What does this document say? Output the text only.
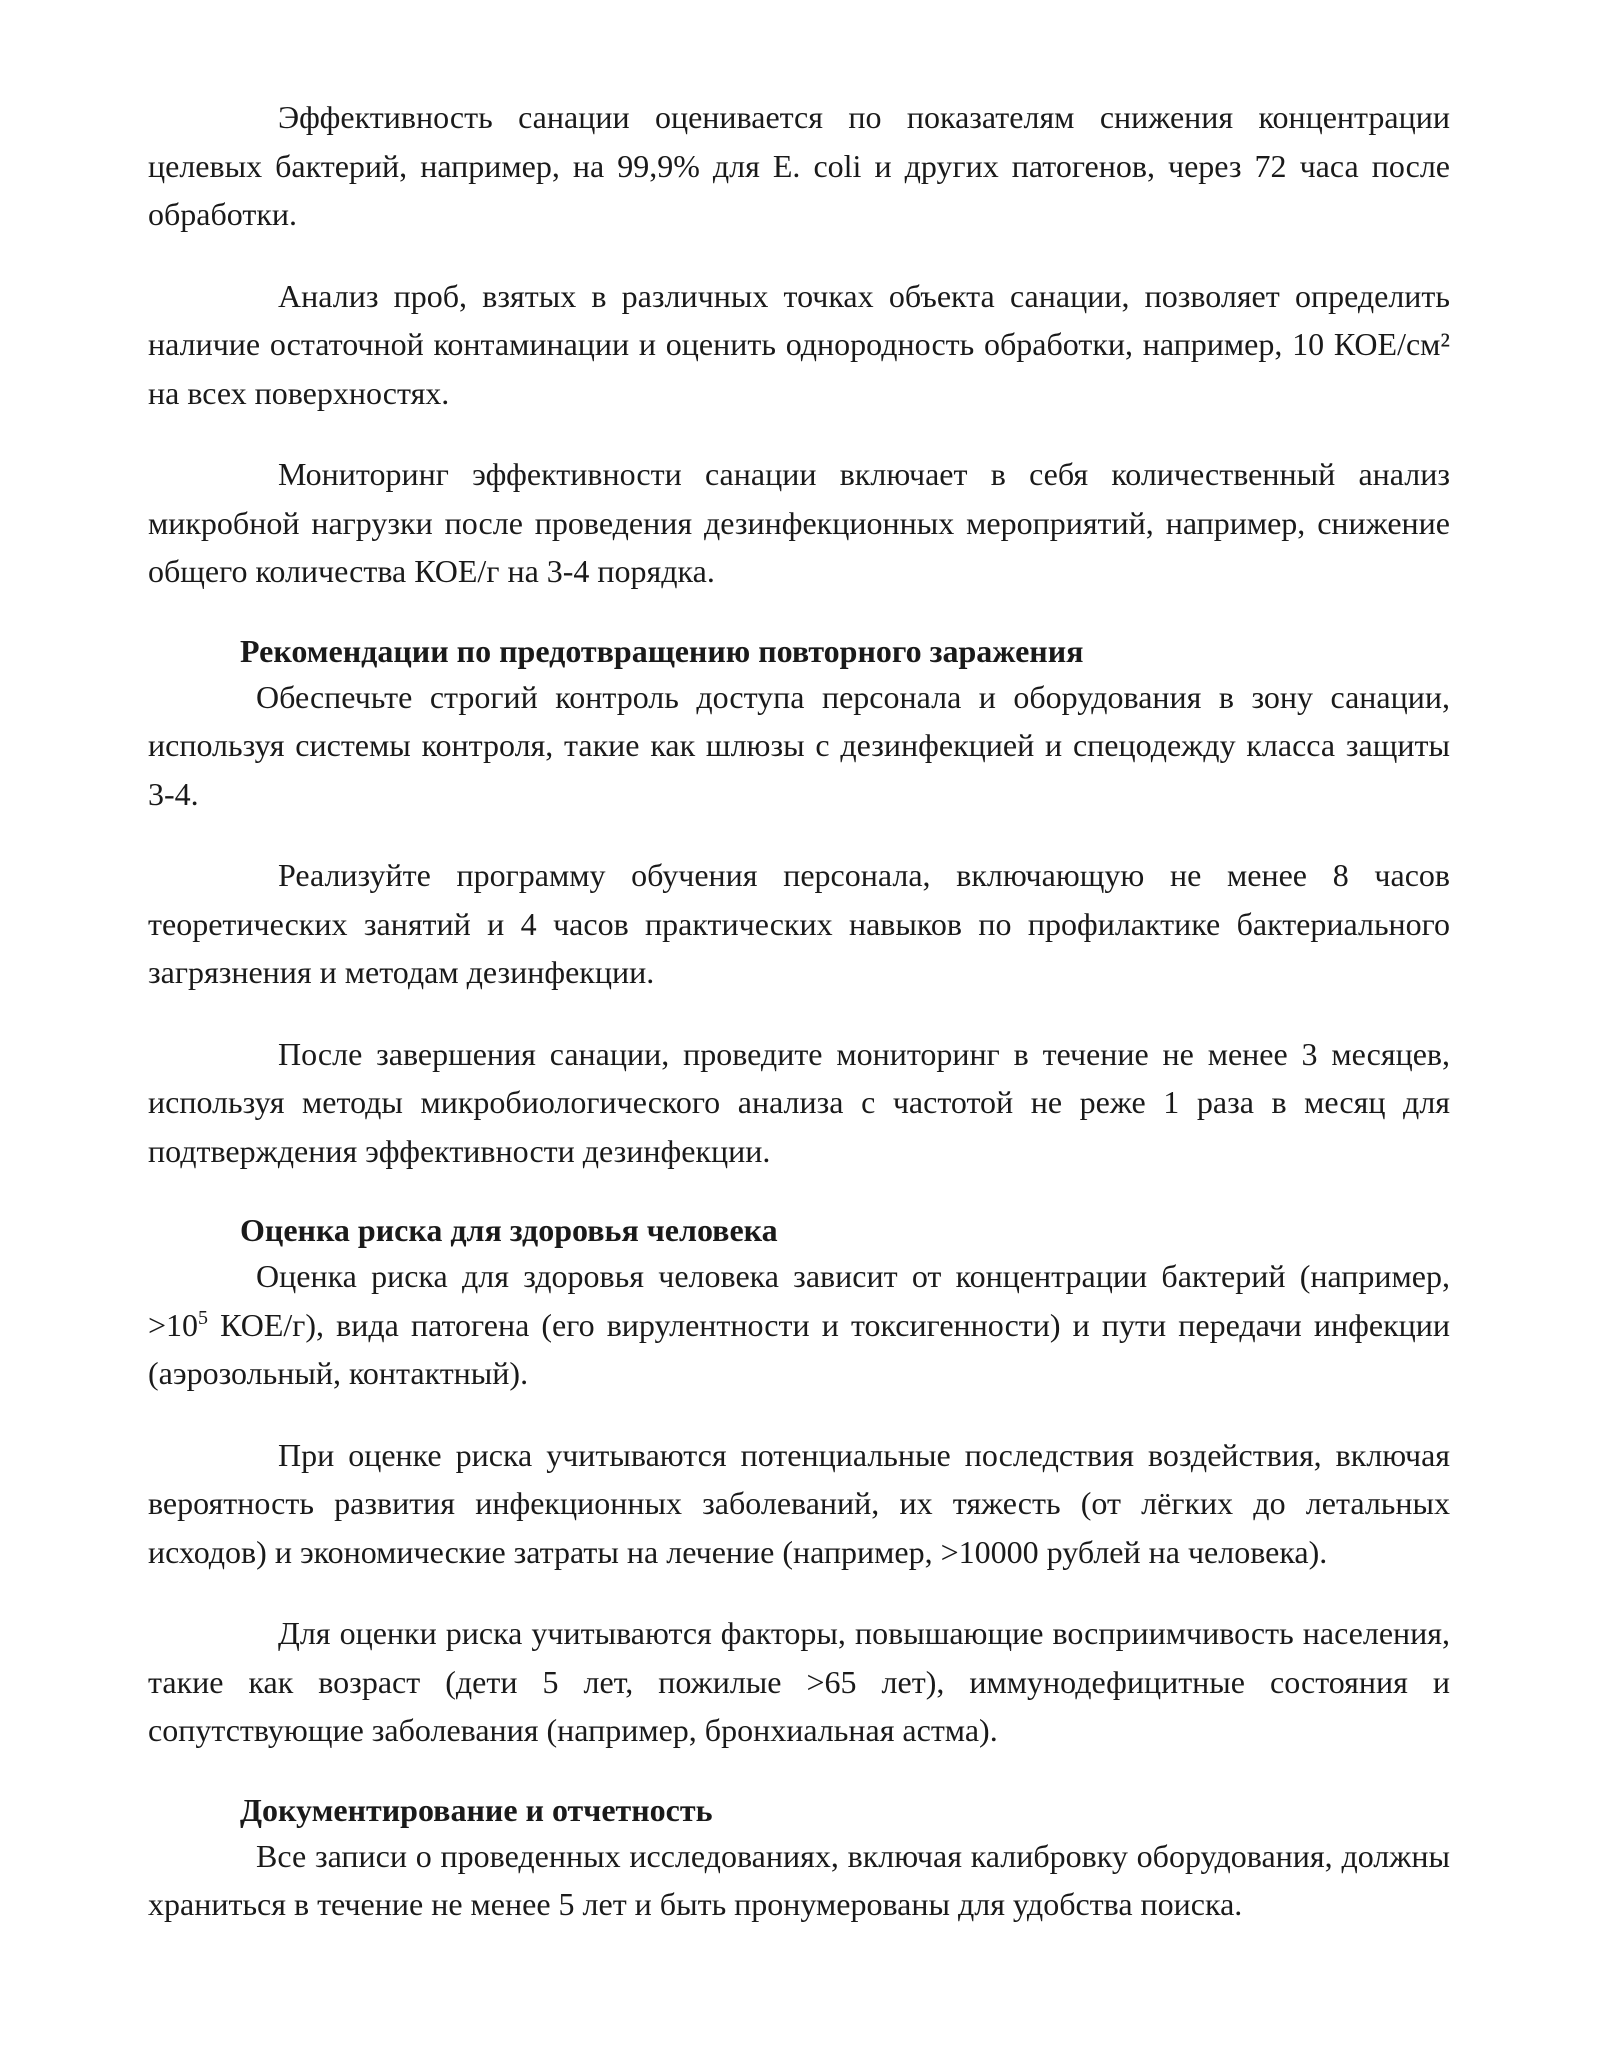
Эффективность санации оценивается по показателям снижения концентрации целевых бактерий, например, на 99,9% для E. coli и других патогенов, через 72 часа после обработки.

Анализ проб, взятых в различных точках объекта санации, позволяет определить наличие остаточной контаминации и оценить однородность обработки, например, 10 КОЕ/см² на всех поверхностях.

Мониторинг эффективности санации включает в себя количественный анализ микробной нагрузки после проведения дезинфекционных мероприятий, например, снижение общего количества КОЕ/г на 3-4 порядка.

Рекомендации по предотвращению повторного заражения

Обеспечьте строгий контроль доступа персонала и оборудования в зону санации, используя системы контроля, такие как шлюзы с дезинфекцией и спецодежду класса защиты 3-4.

Реализуйте программу обучения персонала, включающую не менее 8 часов теоретических занятий и 4 часов практических навыков по профилактике бактериального загрязнения и методам дезинфекции.

После завершения санации, проведите мониторинг в течение не менее 3 месяцев, используя методы микробиологического анализа с частотой не реже 1 раза в месяц для подтверждения эффективности дезинфекции.

Оценка риска для здоровья человека

Оценка риска для здоровья человека зависит от концентрации бактерий (например, $>10^5$ КОЕ/г), вида патогена (его вирулентности и токсигенности) и пути передачи инфекции (аэрозольный, контактный).

При оценке риска учитываются потенциальные последствия воздействия, включая вероятность развития инфекционных заболеваний, их тяжесть (от лёгких до летальных исходов) и экономические затраты на лечение (например, >10000 рублей на человека).

Для оценки риска учитываются факторы, повышающие восприимчивость населения, такие как возраст (дети 5 лет, пожилые >65 лет), иммунодефицитные состояния и сопутствующие заболевания (например, бронхиальная астма).

Документирование и отчетность

Все записи о проведенных исследованиях, включая калибровку оборудования, должны храниться в течение не менее 5 лет и быть пронумерованы для удобства поиска.
